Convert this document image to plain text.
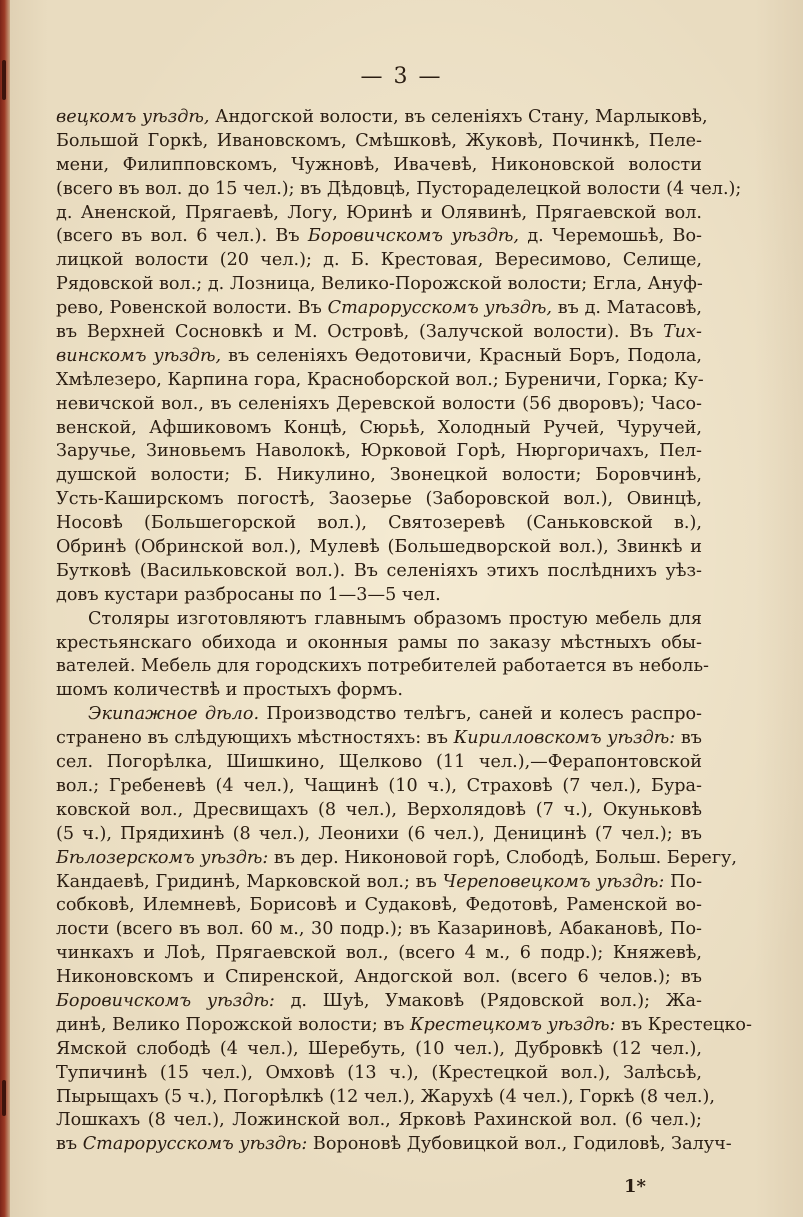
— 3 —
вецкомъ уѣздѣ, Андогской волости, въ селеніяхъ Стану, Марлыковѣ,
Большой Горкѣ, Ивановскомъ, Смѣшковѣ, Жуковѣ, Починкѣ, Пеле-
мени, Филипповскомъ, Чужновѣ, Ивачевѣ, Никоновской волости
(всего въ вол. до 15 чел.); въ Дѣдовцѣ, Пустораделецкой волости (4 чел.);
д. Аненской, Прягаевѣ, Логу, Юринѣ и Олявинѣ, Прягаевской вол.
(всего въ вол. 6 чел.). Въ Боровичскомъ уѣздѣ, д. Черемошьѣ, Во-
лицкой волости (20 чел.); д. Б. Крестовая, Вересимово, Селище,
Рядовской вол.; д. Лозница, Велико-Порожской волости; Егла, Ануф-
рево, Ровенской волости. Въ Старорусскомъ уѣздѣ, въ д. Матасовѣ,
въ Верхней Сосновкѣ и М. Островѣ, (Залучской волости). Въ Тих-
винскомъ уѣздѣ, въ селеніяхъ Ѳедотовичи, Красный Боръ, Подола,
Хмѣлезеро, Карпина гора, Красноборской вол.; Буреничи, Горка; Ку-
невичской вол., въ селеніяхъ Деревской волости (56 дворовъ); Часо-
венской, Афшиковомъ Концѣ, Сюрьѣ, Холодный Ручей, Чуручей,
Заручье, Зиновьемъ Наволокѣ, Юрковой Горѣ, Нюргоричахъ, Пел-
душской волости; Б. Никулино, Звонецкой волости; Боровчинѣ,
Усть-Каширскомъ погостѣ, Заозерье (Заборовской вол.), Овинцѣ,
Носовѣ (Большегорской вол.), Святозеревѣ (Саньковской в.),
Обринѣ (Обринской вол.), Мулевѣ (Большедворской вол.), Звинкѣ и
Бутковѣ (Васильковской вол.). Въ селеніяхъ этихъ послѣднихъ уѣз-
довъ кустари разбросаны по 1—3—5 чел.
Столяры изготовляютъ главнымъ образомъ простую мебель для
крестьянскаго обихода и оконныя рамы по заказу мѣстныхъ обы-
вателей. Мебель для городскихъ потребителей работается въ неболь-
шомъ количествѣ и простыхъ формъ.
Экипажное дѣло. Производство телѣгъ, саней и колесъ распро-
странено въ слѣдующихъ мѣстностяхъ: въ Кирилловскомъ уѣздѣ: въ
сел. Погорѣлка, Шишкино, Щелково (11 чел.),—Ферапонтовской
вол.; Гребеневѣ (4 чел.), Чащинѣ (10 ч.), Страховѣ (7 чел.), Бура-
ковской вол., Дресвищахъ (8 чел.), Верхолядовѣ (7 ч.), Окуньковѣ
(5 ч.), Прядихинѣ (8 чел.), Леонихи (6 чел.), Деницинѣ (7 чел.); въ
Бѣлозерскомъ уѣздѣ: въ дер. Никоновой горѣ, Слободѣ, Больш. Берегу,
Кандаевѣ, Гридинѣ, Марковской вол.; въ Череповецкомъ уѣздѣ: По-
собковѣ, Илемневѣ, Борисовѣ и Судаковѣ, Федотовѣ, Раменской во-
лости (всего въ вол. 60 м., 30 подр.); въ Казариновѣ, Абакановѣ, По-
чинкахъ и Лоѣ, Прягаевской вол., (всего 4 м., 6 подр.); Княжевѣ,
Никоновскомъ и Спиренской, Андогской вол. (всего 6 челов.); въ
Боровичскомъ уѣздѣ: д. Шуѣ, Умаковѣ (Рядовской вол.); Жа-
динѣ, Велико Порожской волости; въ Крестецкомъ уѣздѣ: въ Крестецко-
Ямской слободѣ (4 чел.), Шеребуть, (10 чел.), Дубровкѣ (12 чел.),
Тупичинѣ (15 чел.), Омховѣ (13 ч.), (Крестецкой вол.), Залѣсьѣ,
Пырыщахъ (5 ч.), Погорѣлкѣ (12 чел.), Жарухѣ (4 чел.), Горкѣ (8 чел.),
Лошкахъ (8 чел.), Ложинской вол., Ярковѣ Рахинской вол. (6 чел.);
въ Старорусскомъ уѣздѣ: Вороновѣ Дубовицкой вол., Годиловѣ, Залуч-
1*
